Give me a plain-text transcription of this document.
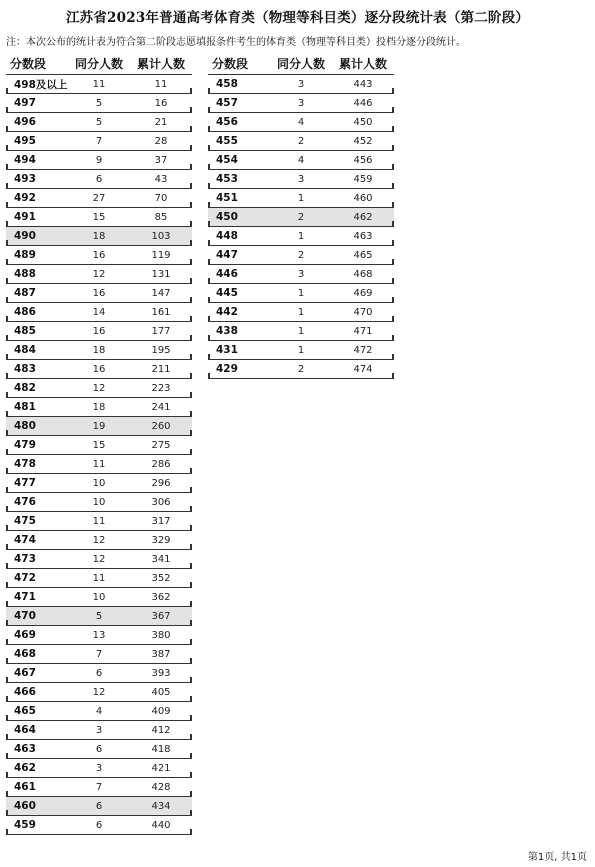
江苏省2023年普通高考体育类（物理等科目类）逐分段统计表（第二阶段）
注：本次公布的统计表为符合第二阶段志愿填报条件考生的体育类（物理等科目类）投档分逐分段统计。
分数段	同分人数	累计人数
498及以上	11	11
497	5	16
496	5	21
495	7	28
494	9	37
493	6	43
492	27	70
491	15	85
490	18	103
489	16	119
488	12	131
487	16	147
486	14	161
485	16	177
484	18	195
483	16	211
482	12	223
481	18	241
480	19	260
479	15	275
478	11	286
477	10	296
476	10	306
475	11	317
474	12	329
473	12	341
472	11	352
471	10	362
470	5	367
469	13	380
468	7	387
467	6	393
466	12	405
465	4	409
464	3	412
463	6	418
462	3	421
461	7	428
460	6	434
459	6	440
分数段	同分人数	累计人数
458	3	443
457	3	446
456	4	450
455	2	452
454	4	456
453	3	459
451	1	460
450	2	462
448	1	463
447	2	465
446	3	468
445	1	469
442	1	470
438	1	471
431	1	472
429	2	474
第1页, 共1页
